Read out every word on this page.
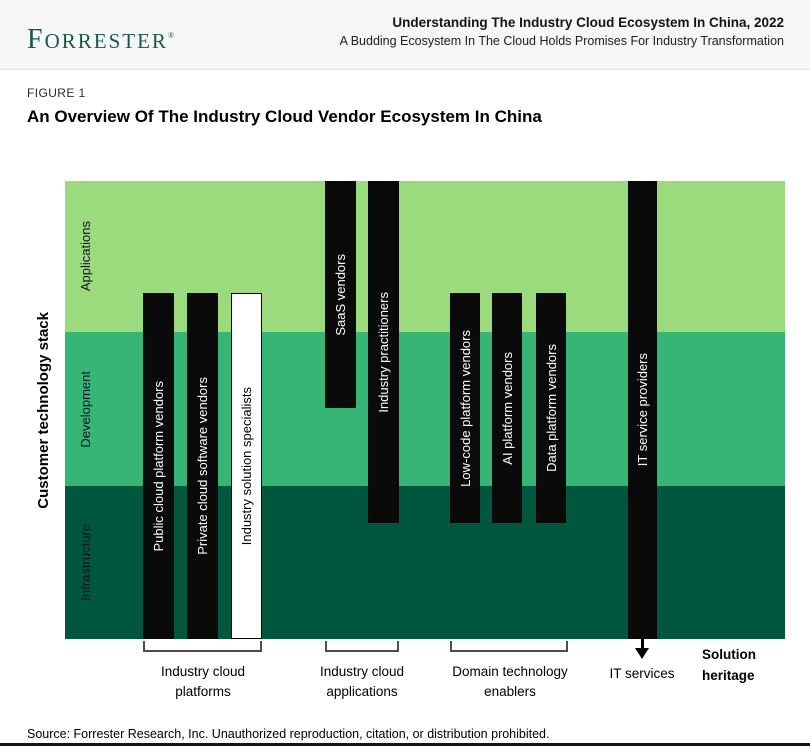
FORRESTER®
Understanding The Industry Cloud Ecosystem In China, 2022
A Budding Ecosystem In The Cloud Holds Promises For Industry Transformation
FIGURE 1
An Overview Of The Industry Cloud Vendor Ecosystem In China
Customer technology stack
Applications
Development
Infrastructure
Public cloud platform vendors Private cloud software vendors Industry solution specialists
SaaS vendors Industry practitioners	Low-code platform vendors AI platform vendors Data platform vendors	IT service providers
Industry cloud platforms
Industry cloud applications
Domain technology enablers
IT services
Solution heritage
Source: Forrester Research, Inc. Unauthorized reproduction, citation, or distribution prohibited.
